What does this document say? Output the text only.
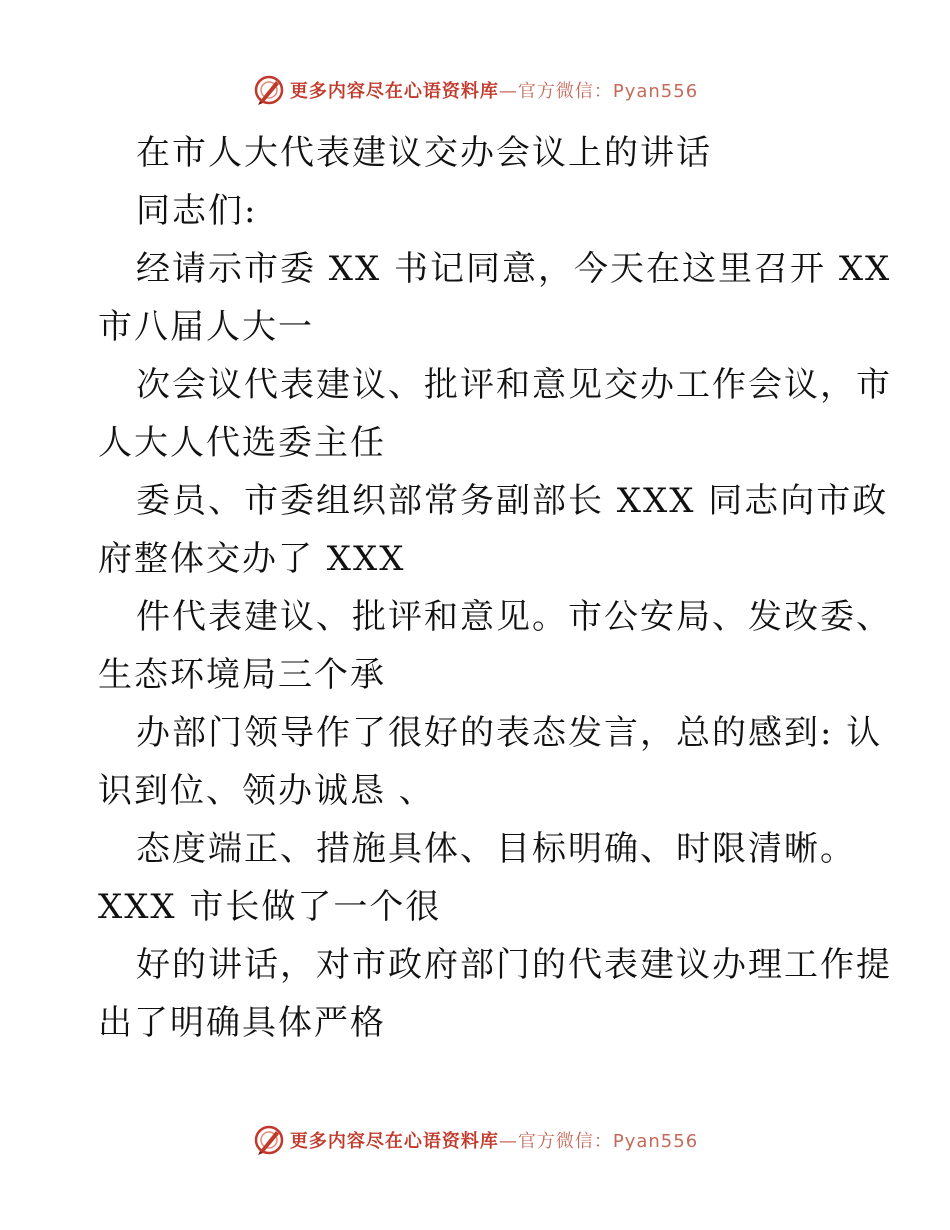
更多内容尽在心语资料库—官方微信：Pyan556
在市人大代表建议交办会议上的讲话
同志们:
经请示市委 XX 书记同意，今天在这里召开 XX
市八届人大一
次会议代表建议、批评和意见交办工作会议，市
人大人代选委主任
委员、市委组织部常务副部长 XXX 同志向市政
府整体交办了 XXX
件代表建议、批评和意见。市公安局、发改委、
生态环境局三个承
办部门领导作了很好的表态发言，总的感到: 认
识到位、领办诚恳 、
态度端正、措施具体、目标明确、时限清晰。
XXX 市长做了一个很
好的讲话，对市政府部门的代表建议办理工作提
出了明确具体严格
更多内容尽在心语资料库—官方微信：Pyan556
